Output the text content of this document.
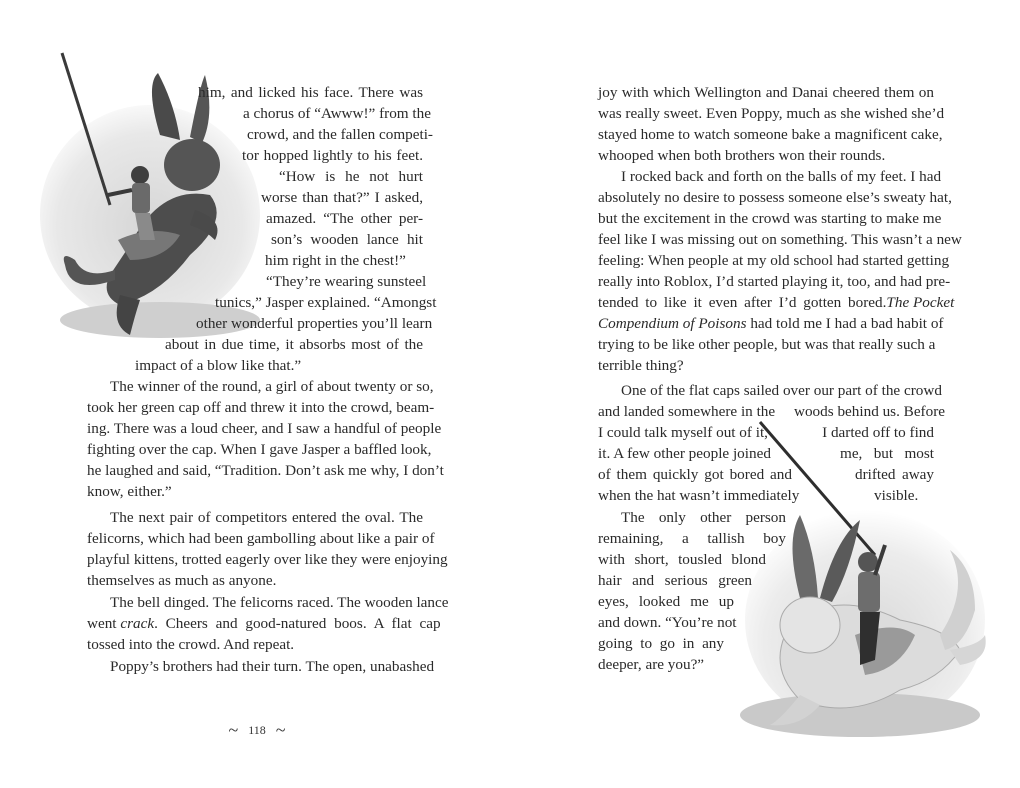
him, and licked his face. There was
a chorus of “Awww!” from the
crowd, and the fallen competi-
tor hopped lightly to his feet.
“How is he not hurt
worse than that?” I asked,
amazed. “The other per-
son’s wooden lance hit
him right in the chest!”
“They’re wearing sunsteel
tunics,” Jasper explained. “Amongst
other wonderful properties you’ll learn
about in due time, it absorbs most of the
impact of a blow like that.”
The winner of the round, a girl of about twenty or so,
took her green cap off and threw it into the crowd, beam-
ing. There was a loud cheer, and I saw a handful of people
fighting over the cap. When I gave Jasper a baffled look,
he laughed and said, “Tradition. Don’t ask me why, I don’t
know, either.”
The next pair of competitors entered the oval. The
felicorns, which had been gambolling about like a pair of
playful kittens, trotted eagerly over like they were enjoying
themselves as much as anyone.
The bell dinged. The felicorns raced. The wooden lance
went crack . Cheers and good-natured boos. A flat cap
tossed into the crowd. And repeat.
Poppy’s brothers had their turn. The open, unabashed
~ 118 ~
joy with which Wellington and Danai cheered them on
was really sweet. Even Poppy, much as she wished she’d
stayed home to watch someone bake a magnificent cake,
whooped when both brothers won their rounds.
I rocked back and forth on the balls of my feet. I had
absolutely no desire to possess someone else’s sweaty hat,
but the excitement in the crowd was starting to make me
feel like I was missing out on something. This wasn’t a new
feeling: When people at my old school had started getting
really into Roblox, I’d started playing it, too, and had pre-
tended to like it even after I’d gotten bored. The Pocket
Compendium of Poisons had told me I had a bad habit of
trying to be like other people, but was that really such a
terrible thing?
One of the flat caps sailed over our part of the crowd
and landed somewhere in the woods behind us. Before
I could talk myself out of it,	I darted off to find
it. A few other people joined	me, but most
of them quickly got bored and	drifted away
when the hat wasn’t immediately	visible.
The only other person
remaining, a tallish boy
with short, tousled blond
hair and serious green
eyes, looked me up
and down. “You’re not
going to go in any
deeper, are you?”
